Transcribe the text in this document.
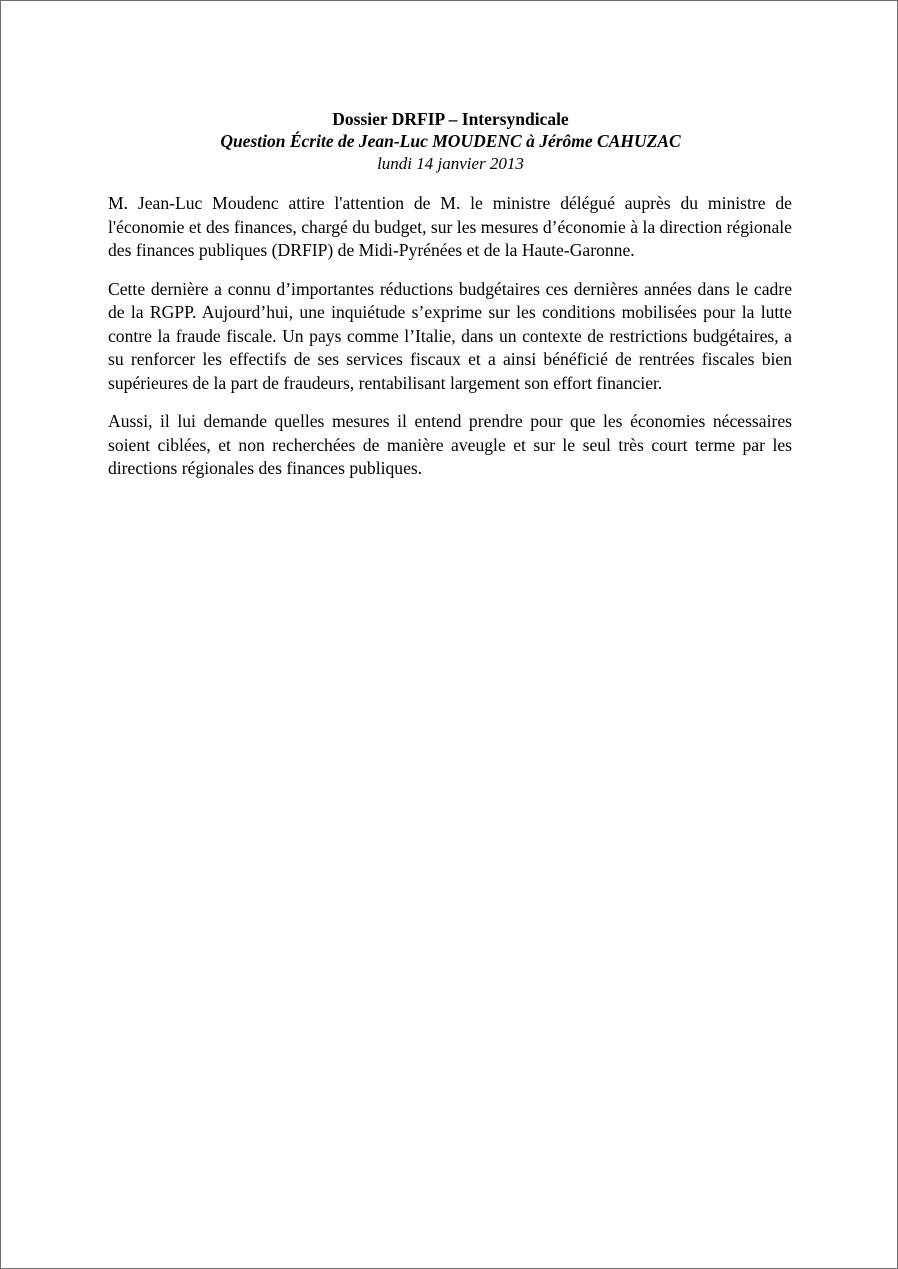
Dossier DRFIP – Intersyndicale
Question Écrite de Jean-Luc MOUDENC à Jérôme CAHUZAC
lundi 14 janvier 2013

M. Jean-Luc Moudenc attire l'attention de M. le ministre délégué auprès du ministre de l'économie et des finances, chargé du budget, sur les mesures d’économie à la direction régionale des finances publiques (DRFIP) de Midi-Pyrénées et de la Haute-Garonne.

Cette dernière a connu d’importantes réductions budgétaires ces dernières années dans le cadre de la RGPP. Aujourd’hui, une inquiétude s’exprime sur les conditions mobilisées pour la lutte contre la fraude fiscale. Un pays comme l’Italie, dans un contexte de restrictions budgétaires, a su renforcer les effectifs de ses services fiscaux et a ainsi bénéficié de rentrées fiscales bien supérieures de la part de fraudeurs, rentabilisant largement son effort financier.

Aussi, il lui demande quelles mesures il entend prendre pour que les économies nécessaires soient ciblées, et non recherchées de manière aveugle et sur le seul très court terme par les directions régionales des finances publiques.
